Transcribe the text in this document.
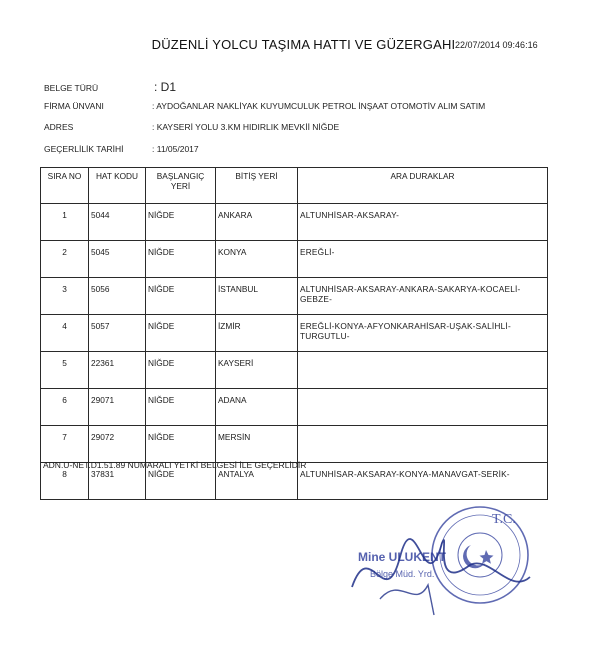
DÜZENLİ YOLCU TAŞIMA HATTI VE GÜZERGAHI 22/07/2014 09:46:16
BELGE TÜRÜ	: D1
FİRMA ÜNVANI	: AYDOĞANLAR NAKLİYAK KUYUMCULUK PETROL İNŞAAT OTOMOTİV ALIM SATIM
ADRES	: KAYSERİ YOLU 3.KM HIDIRLIK MEVKİİ NİĞDE
GEÇERLİLİK TARİHİ	: 11/05/2017
SIRA NO	HAT KODU	BAŞLANGIÇ YERİ	BİTİŞ YERİ	ARA DURAKLAR
1	5044	NİĞDE	ANKARA	ALTUNHİSAR-AKSARAY-
2	5045	NİĞDE	KONYA	EREĞLİ-
3	5056	NİĞDE	İSTANBUL	ALTUNHİSAR-AKSARAY-ANKARA-SAKARYA-KOCAELİ-GEBZE-
4	5057	NİĞDE	İZMİR	EREĞLİ-KONYA-AFYONKARAHİSAR-UŞAK-SALİHLİ-TURGUTLU-
5	22361	NİĞDE	KAYSERİ	
6	29071	NİĞDE	ADANA	
7	29072	NİĞDE	MERSİN	
8	37831	NİĞDE	ANTALYA	ALTUNHİSAR-AKSARAY-KONYA-MANAVGAT-SERİK-
ADN.U-NET.D1.51.89 NUMARALI YETKİ BELGESİ İLE GEÇERLİDİR
T.C.
Mine ULUKENT
Bölge Müd. Yrd.
